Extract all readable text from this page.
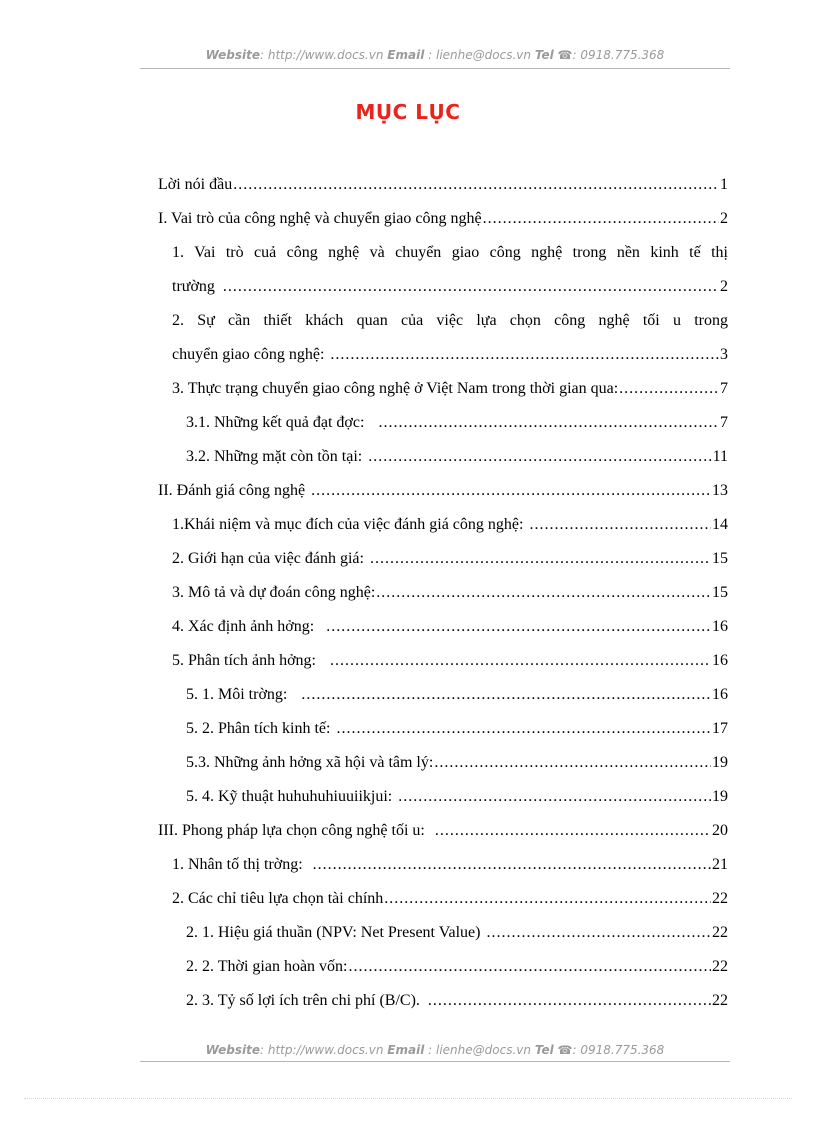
Website: http://www.docs.vn Email : lienhe@docs.vn Tel ☎: 0918.775.368
MỤC LỤC
Lời nói đầu .....	1
I. Vai trò của công nghệ và chuyển giao công nghệ .....	2
1. Vai trò cuả công nghệ và chuyển giao công nghệ trong nền kinh tế thị
trường .....	2
2. Sự cần thiết khách quan của việc lựa chọn công nghệ tối u trong
chuyển giao công nghệ: .....	3
3. Thực trạng chuyển giao công nghệ ở Việt Nam trong thời gian qua: .....	7
3.1. Những kết quả đạt đợc: .....	7
3.2. Những mặt còn tồn tại: .....	11
II. Đánh giá công nghệ .....	13
1.Khái niệm và mục đích của việc đánh giá công nghệ: .....	14
2. Giới hạn của việc đánh giá: .....	15
3. Mô tả và dự đoán công nghệ: .....	15
4. Xác định ảnh hởng: .....	16
5. Phân tích ảnh hởng: .....	16
5. 1. Môi trờng: .....	16
5. 2. Phân tích kinh tế: .....	17
5.3. Những ảnh hởng xã hội và tâm lý: .....	19
5. 4. Kỹ thuật huhuhuhiuuiikjui: .....	19
III. Phong pháp lựa chọn công nghệ tối u: .....	20
1. Nhân tố thị trờng: .....	21
2. Các chỉ tiêu lựa chọn tài chính .....	22
2. 1. Hiệu giá thuần (NPV: Net Present Value) .....	22
2. 2. Thời gian hoàn vốn: .....	22
2. 3. Tỷ số lợi ích trên chi phí (B/C). .....	22
Website: http://www.docs.vn Email : lienhe@docs.vn Tel ☎: 0918.775.368
